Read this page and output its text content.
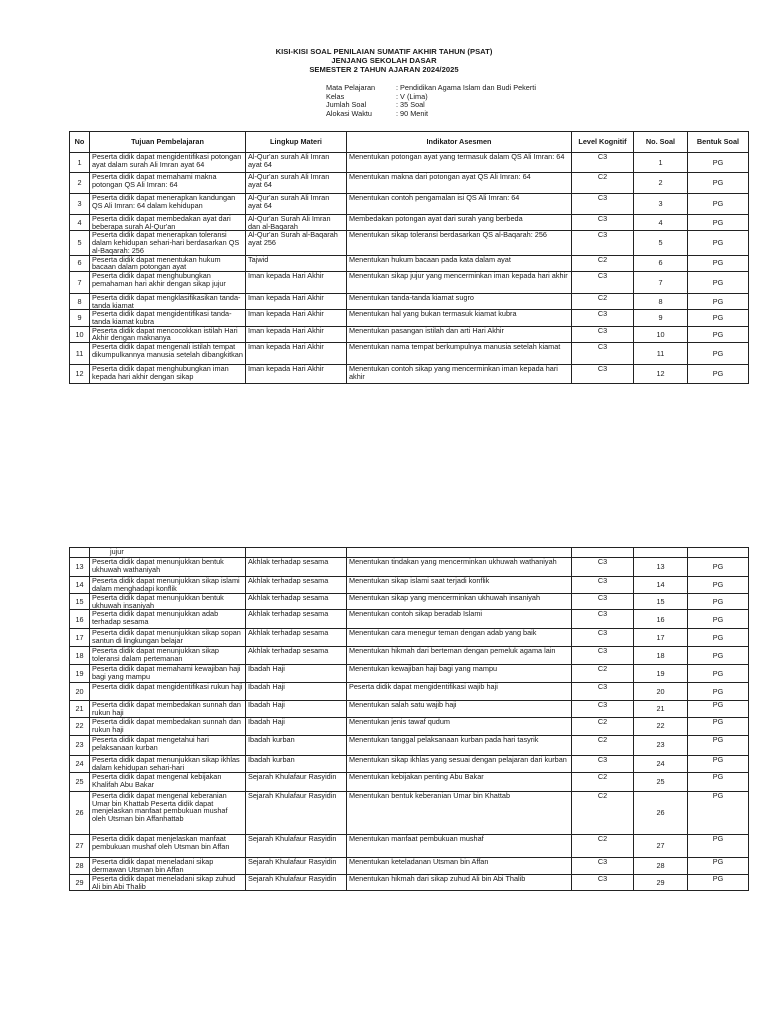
KISI-KISI SOAL PENILAIAN SUMATIF AKHIR TAHUN (PSAT)
JENJANG SEKOLAH DASAR
SEMESTER 2 TAHUN AJARAN 2024/2025
Mata Pelajaran	: Pendidikan Agama Islam dan Budi Pekerti
Kelas	: V (Lima)
Jumlah Soal	: 35 Soal
Alokasi Waktu	: 90 Menit
No	Tujuan Pembelajaran	Lingkup Materi	Indikator Asesmen	Level Kognitif	No. Soal	Bentuk Soal
1	Peserta didik dapat mengidentifikasi potongan ayat dalam surah Ali Imran ayat 64	Al-Qur'an surah Ali Imran ayat 64	Menentukan potongan ayat yang termasuk dalam QS Ali Imran: 64	C3	1	PG
2	Peserta didik dapat memahami makna potongan QS Ali Imran: 64	Al-Qur'an surah Ali Imran ayat 64	Menentukan makna dari potongan ayat QS Ali Imran: 64	C2	2	PG
3	Peserta didik dapat menerapkan kandungan QS Ali Imran: 64 dalam kehidupan	Al-Qur'an surah Ali Imran ayat 64	Menentukan contoh pengamalan isi QS Ali Imran: 64	C3	3	PG
4	Peserta didik dapat membedakan ayat dari beberapa surah Al-Qur'an	Al-Qur'an Surah Ali Imran dan al-Baqarah	Membedakan potongan ayat dari surah yang berbeda	C3	4	PG
5	Peserta didik dapat menerapkan toleransi dalam kehidupan sehari-hari berdasarkan QS al-Baqarah: 256	Al-Qur'an Surah al-Baqarah ayat 256	Menentukan sikap toleransi berdasarkan QS al-Baqarah: 256	C3	5	PG
6	Peserta didik dapat menentukan hukum bacaan dalam potongan ayat	Tajwid	Menentukan hukum bacaan pada kata dalam ayat	C2	6	PG
7	Peserta didik dapat menghubungkan pemahaman hari akhir dengan sikap jujur	Iman kepada Hari Akhir	Menentukan sikap jujur yang mencerminkan iman kepada hari akhir	C3	7	PG
8	Peserta didik dapat mengklasifikasikan tanda-tanda kiamat	Iman kepada Hari Akhir	Menentukan tanda-tanda kiamat sugro	C2	8	PG
9	Peserta didik dapat mengidentifikasi tanda-tanda kiamat kubra	Iman kepada Hari Akhir	Menentukan hal yang bukan termasuk kiamat kubra	C3	9	PG
10	Peserta didik dapat mencocokkan istilah Hari Akhir dengan maknanya	Iman kepada Hari Akhir	Menentukan pasangan istilah dan arti Hari Akhir	C3	10	PG
11	Peserta didik dapat mengenali istilah tempat dikumpulkannya manusia setelah dibangkitkan	Iman kepada Hari Akhir	Menentukan nama tempat berkumpulnya manusia setelah kiamat	C3	11	PG
12	Peserta didik dapat menghubungkan iman kepada hari akhir dengan sikap	Iman kepada Hari Akhir	Menentukan contoh sikap yang mencerminkan iman kepada hari akhir	C3	12	PG
	jujur					
13	Peserta didik dapat menunjukkan bentuk ukhuwah wathaniyah	Akhlak terhadap sesama	Menentukan tindakan yang mencerminkan ukhuwah wathaniyah	C3	13	PG
14	Peserta didik dapat menunjukkan sikap islami dalam menghadapi konflik	Akhlak terhadap sesama	Menentukan sikap islami saat terjadi konflik	C3	14	PG
15	Peserta didik dapat menunjukkan bentuk ukhuwah insaniyah	Akhlak terhadap sesama	Menentukan sikap yang mencerminkan ukhuwah insaniyah	C3	15	PG
16	Peserta didik dapat menunjukkan adab terhadap sesama	Akhlak terhadap sesama	Menentukan contoh sikap beradab Islami	C3	16	PG
17	Peserta didik dapat menunjukkan sikap sopan santun di lingkungan belajar	Akhlak terhadap sesama	Menentukan cara menegur teman dengan adab yang baik	C3	17	PG
18	Peserta didik dapat menunjukkan sikap toleransi dalam pertemanan	Akhlak terhadap sesama	Menentukan hikmah dari berteman dengan pemeluk agama lain	C3	18	PG
19	Peserta didik dapat memahami kewajiban haji bagi yang mampu	Ibadah Haji	Menentukan kewajiban haji bagi yang mampu	C2	19	PG
20	Peserta didik dapat mengidentifikasi rukun haji	Ibadah Haji	Peserta didik dapat mengidentifikasi wajib haji	C3	20	PG
21	Peserta didik dapat membedakan sunnah dan rukun haji	Ibadah Haji	Menentukan salah satu wajib haji	C3	21	PG
22	Peserta didik dapat membedakan sunnah dan rukun haji	Ibadah Haji	Menentukan jenis tawaf qudum	C2	22	PG
23	Peserta didik dapat mengetahui hari pelaksanaan kurban	Ibadah kurban	Menentukan tanggal pelaksanaan kurban pada hari tasyrik	C2	23	PG
24	Peserta didik dapat menunjukkan sikap ikhlas dalam kehidupan sehari-hari	Ibadah kurban	Menentukan sikap ikhlas yang sesuai dengan pelajaran dari kurban	C3	24	PG
25	Peserta didik dapat mengenal kebijakan Khalifah Abu Bakar	Sejarah Khulafaur Rasyidin	Menentukan kebijakan penting Abu Bakar	C2	25	PG
26	Peserta didik dapat mengenal keberanian Umar bin Khattab Peserta didik dapat menjelaskan manfaat pembukuan mushaf oleh Utsman bin Affanhattab	Sejarah Khulafaur Rasyidin	Menentukan bentuk keberanian Umar bin Khattab	C2	26	PG
27	Peserta didik dapat menjelaskan manfaat pembukuan mushaf oleh Utsman bin Affan	Sejarah Khulafaur Rasyidin	Menentukan manfaat pembukuan mushaf	C2	27	PG
28	Peserta didik dapat meneladani sikap dermawan Utsman bin Affan	Sejarah Khulafaur Rasyidin	Menentukan keteladanan Utsman bin Affan	C3	28	PG
29	Peserta didik dapat meneladani sikap zuhud Ali bin Abi Thalib	Sejarah Khulafaur Rasyidin	Menentukan hikmah dari sikap zuhud Ali bin Abi Thalib	C3	29	PG
